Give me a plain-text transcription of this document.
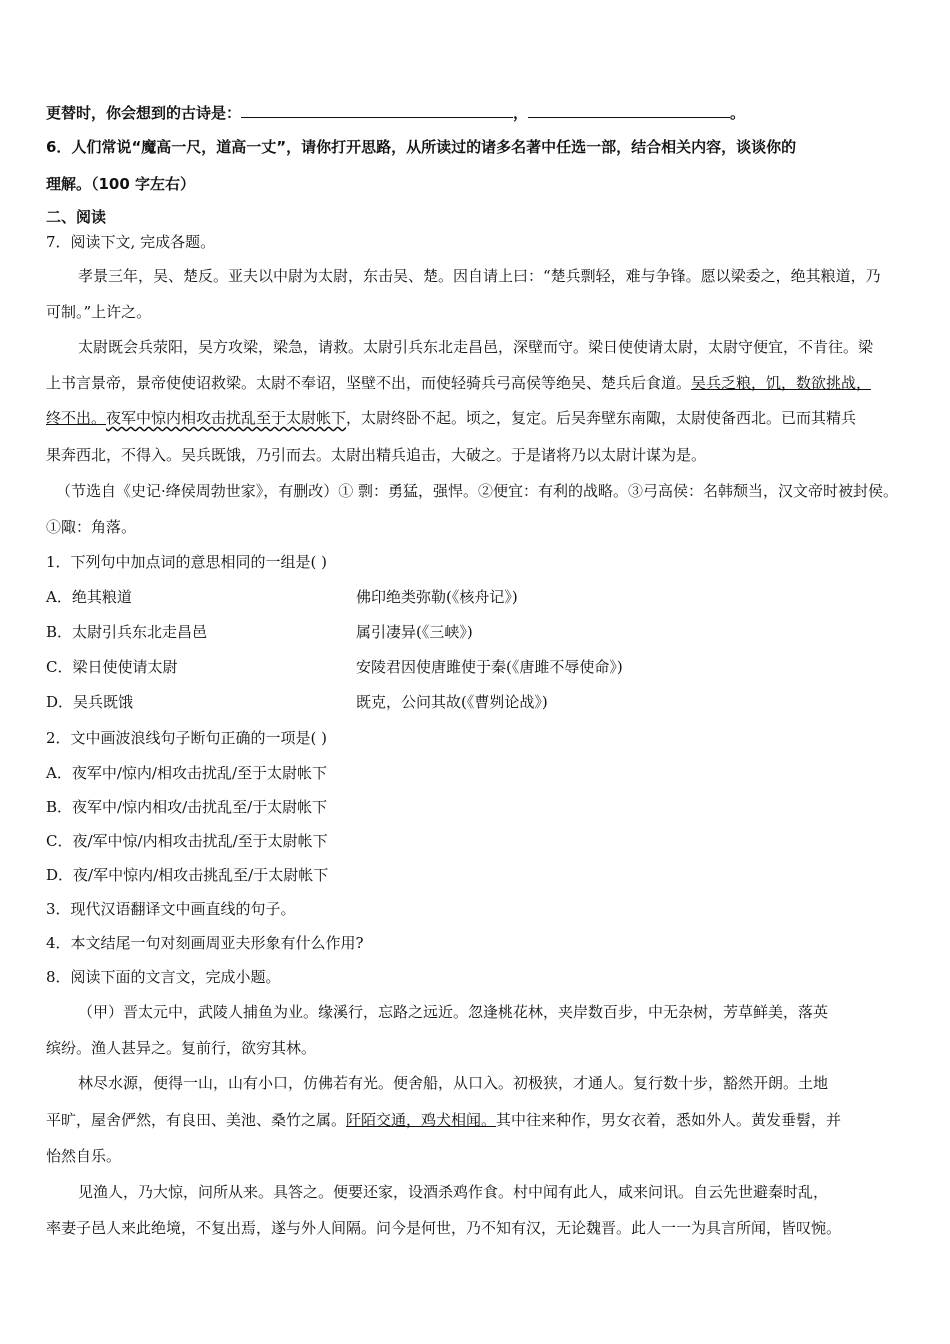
更替时，你会想到的古诗是：	，	。
6．人们常说“魔高一尺，道高一丈”，请你打开思路，从所读过的诸多名著中任选一部，结合相关内容，谈谈你的
理解。（100 字左右）
二、阅读
7．阅读下文, 完成各题。
孝景三年，吴、楚反。亚夫以中尉为太尉，东击吴、楚。因自请上曰：“楚兵剽轻，难与争锋。愿以梁委之，绝其粮道，乃
可制。”上许之。
太尉既会兵荥阳，吴方攻梁，梁急，请救。太尉引兵东北走昌邑，深壁而守。梁日使使请太尉，太尉守便宜，不肯往。梁
上书言景帝，景帝使使诏救梁。太尉不奉诏，坚壁不出，而使轻骑兵弓高侯等绝吴、楚兵后食道。吴兵乏粮，饥，数欲挑战，
终不出。夜军中惊内相攻击扰乱至于太尉帐下，太尉终卧不起。顷之，复定。后吴奔壁东南陬，太尉使备西北。已而其精兵
果奔西北，不得入。吴兵既饿，乃引而去。太尉出精兵追击，大破之。于是诸将乃以太尉计谋为是。
（节选自《史记·绛侯周勃世家》，有删改）① 剽：勇猛，强悍。②便宜：有利的战略。③弓高侯：名韩颓当，汉文帝时被封侯。
①陬：角落。
1．下列句中加点词的意思相同的一组是( )
A．绝其粮道	佛印绝类弥勒(《核舟记》)
B．太尉引兵东北走昌邑	属引凄异(《三峡》)
C．梁日使使请太尉	安陵君因使唐雎使于秦(《唐雎不辱使命》)
D．吴兵既饿	既克，公问其故(《曹刿论战》)
2．文中画波浪线句子断句正确的一项是( )
A．夜军中/惊内/相攻击扰乱/至于太尉帐下
B．夜军中/惊内相攻/击扰乱至/于太尉帐下
C．夜/军中惊/内相攻击扰乱/至于太尉帐下
D．夜/军中惊内/相攻击挑乱至/于太尉帐下
3．现代汉语翻译文中画直线的句子。
4．本文结尾一句对刻画周亚夫形象有什么作用?
8．阅读下面的文言文，完成小题。
（甲）晋太元中，武陵人捕鱼为业。缘溪行，忘路之远近。忽逢桃花林，夹岸数百步，中无杂树，芳草鲜美，落英
缤纷。渔人甚异之。复前行，欲穷其林。
林尽水源，便得一山，山有小口，仿佛若有光。便舍船，从口入。初极狭，才通人。复行数十步，豁然开朗。土地
平旷，屋舍俨然，有良田、美池、桑竹之属。阡陌交通，鸡犬相闻。其中往来种作，男女衣着，悉如外人。黄发垂髫，并
怡然自乐。
见渔人，乃大惊，问所从来。具答之。便要还家，设酒杀鸡作食。村中闻有此人，咸来问讯。自云先世避秦时乱，
率妻子邑人来此绝境，不复出焉，遂与外人间隔。问今是何世，乃不知有汉，无论魏晋。此人一一为具言所闻，皆叹惋。
